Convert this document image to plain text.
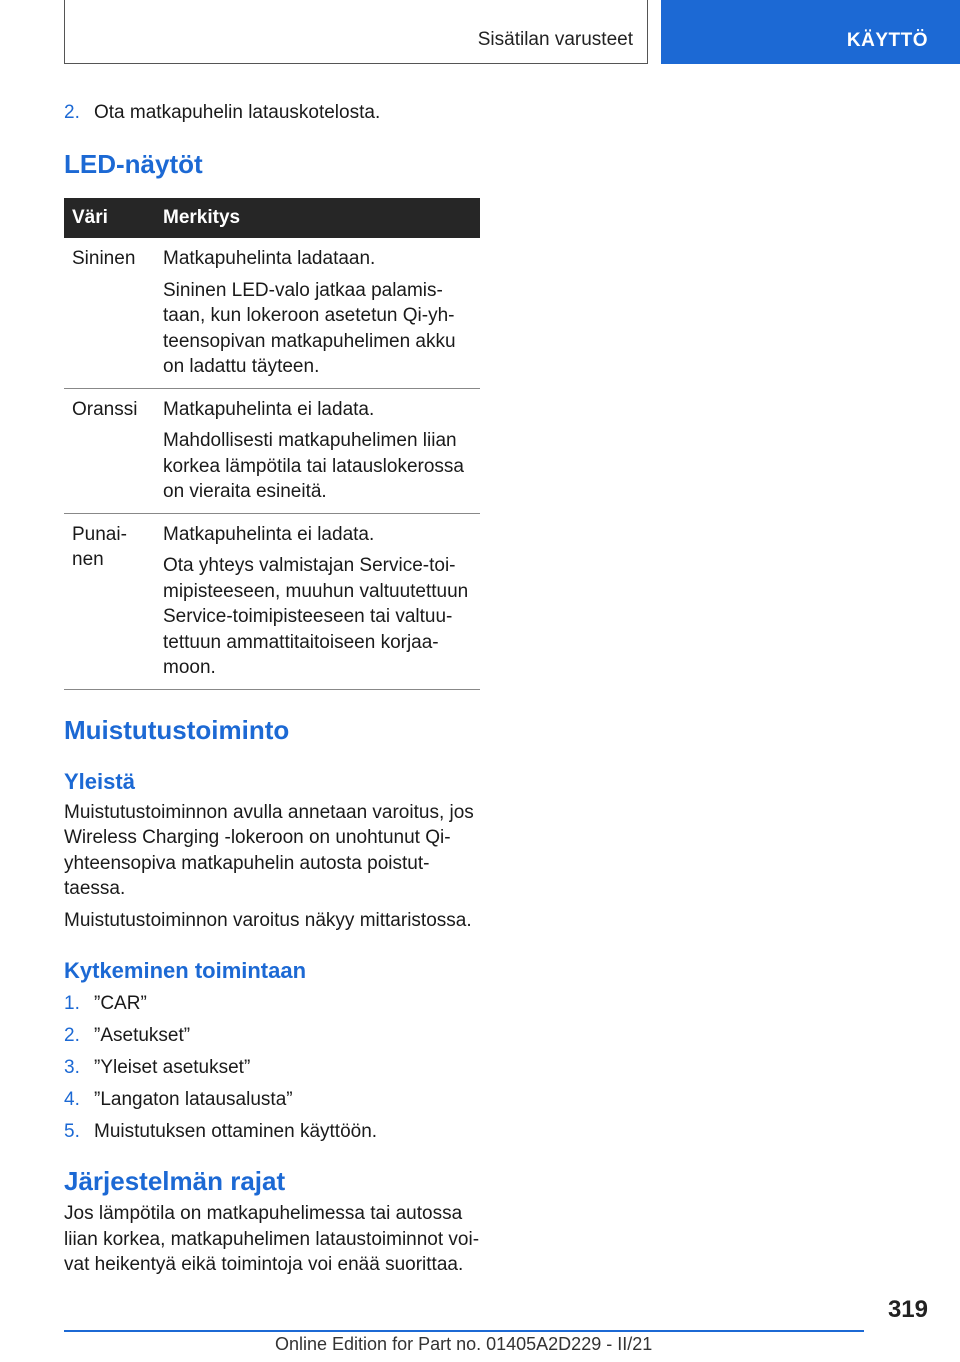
Sisätilan varusteet	KÄYTTÖ
2. Ota matkapuhelin latauskotelosta.
LED-näytöt
Väri	Merkitys
Sininen	Matkapuhelinta ladataan.

Sininen LED-valo jatkaa palamis-taan, kun lokeroon asetetun Qi-yh-teensopivan matkapuhelimen akku on ladattu täyteen.

Oranssi	Matkapuhelinta ei ladata.

Mahdollisesti matkapuhelimen liian korkea lämpötila tai latauslokerossa on vieraita esineitä.

Punai-nen	Matkapuhelinta ei ladata.

Ota yhteys valmistajan Service-toi-mipisteeseen, muuhun valtuutettuun Service-toimipisteeseen tai valtuu-tettuun ammattitaitoiseen korjaa-moon.

Muistutustoiminto
Yleistä

Muistutustoiminnon avulla annetaan varoitus, jos Wireless Charging -lokeroon on unohtunut Qi-yhteensopiva matkapuhelin autosta poistut-taessa.

Muistutustoiminnon varoitus näkyy mittaristossa.

Kytkeminen toimintaan
1. ”CAR”
2. ”Asetukset”
3. ”Yleiset asetukset”
4. ”Langaton latausalusta”
5. Muistutuksen ottaminen käyttöön.
Järjestelmän rajat

Jos lämpötila on matkapuhelimessa tai autossa liian korkea, matkapuhelimen lataustoiminnot voi-vat heikentyä eikä toimintoja voi enää suorittaa.

319
Online Edition for Part no. 01405A2D229 - II/21
